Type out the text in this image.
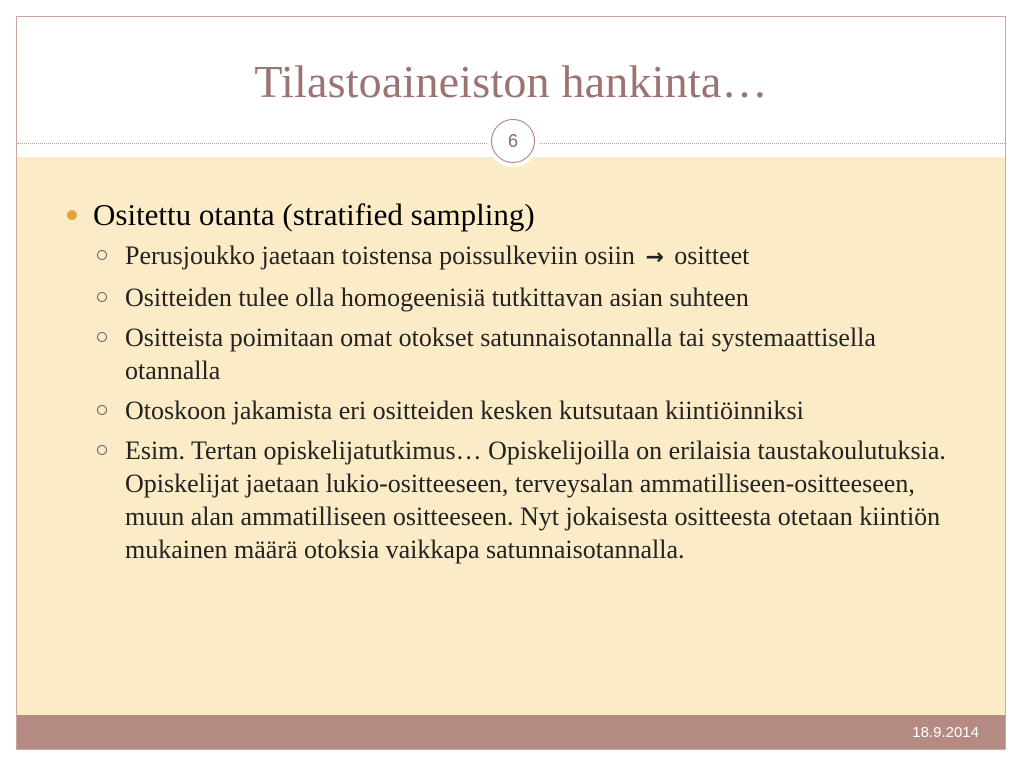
Tilastoaineiston hankinta…
Ositettu otanta (stratified sampling)
Perusjoukko jaetaan toistensa poissulkeviin osiin → ositteet
Ositteiden tulee olla homogeenisiä tutkittavan asian suhteen
Ositteista poimitaan omat otokset satunnaisotannalla tai systemaattisella otannalla
Otoskoon jakamista eri ositteiden kesken kutsutaan kiintiöinniksi
Esim. Tertan opiskelijatutkimus… Opiskelijoilla on erilaisia taustakoulutuksia. Opiskelijat jaetaan lukio-ositteeseen, terveysalan ammatilliseen-ositteeseen, muun alan ammatilliseen ositteeseen. Nyt jokaisesta ositteesta otetaan kiintiön mukainen määrä otoksia vaikkapa satunnaisotannalla.
6
18.9.2014
